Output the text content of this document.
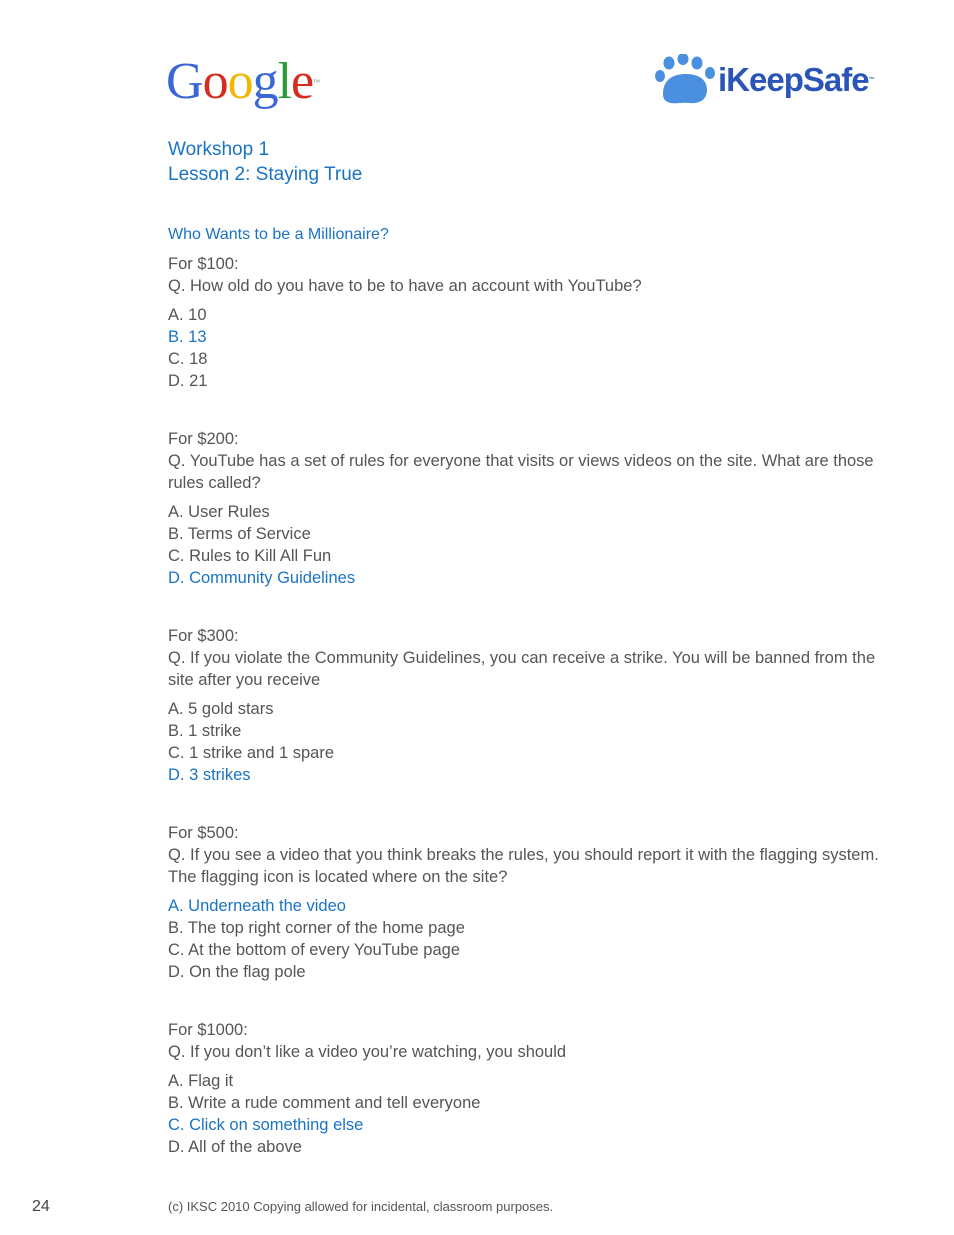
Google™	iKeepSafe™
Workshop 1
Lesson 2: Staying True
Who Wants to be a Millionaire?

For $100:

Q. How old do you have to be to have an account with YouTube?

A. 10
B. 13
C. 18
D. 21

For $200:

Q. YouTube has a set of rules for everyone that visits or views videos on the site. What are those rules called?

A. User Rules
B. Terms of Service
C. Rules to Kill All Fun
D. Community Guidelines

For $300:

Q. If you violate the Community Guidelines, you can receive a strike. You will be banned from the site after you receive

A. 5 gold stars
B. 1 strike
C. 1 strike and 1 spare
D. 3 strikes

For $500:

Q. If you see a video that you think breaks the rules, you should report it with the flagging system. The flagging icon is located where on the site?

A. Underneath the video
B. The top right corner of the home page
C. At the bottom of every YouTube page
D. On the flag pole

For $1000:

Q. If you don’t like a video you’re watching, you should

A. Flag it
B. Write a rude comment and tell everyone
C. Click on something else
D. All of the above
24	(c) IKSC 2010 Copying allowed for incidental, classroom purposes.
